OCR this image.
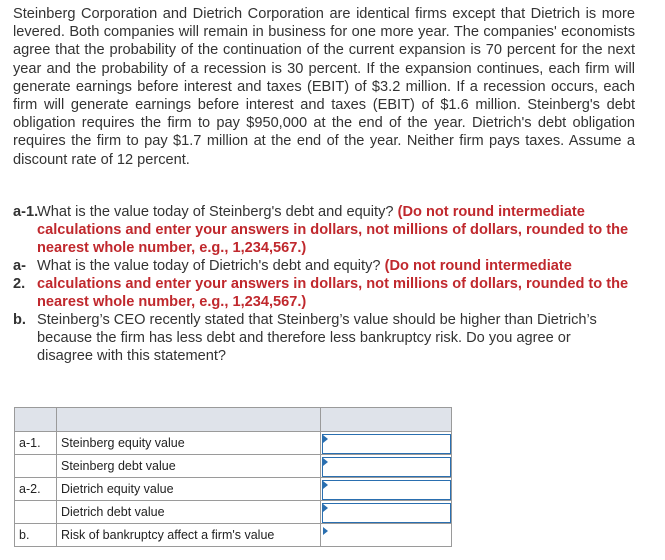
Steinberg Corporation and Dietrich Corporation are identical firms except that Dietrich is more levered. Both companies will remain in business for one more year. The companies' economists agree that the probability of the continuation of the current expansion is 70 percent for the next year and the probability of a recession is 30 percent. If the expansion continues, each firm will generate earnings before interest and taxes (EBIT) of $3.2 million. If a recession occurs, each firm will generate earnings before interest and taxes (EBIT) of $1.6 million. Steinberg's debt obligation requires the firm to pay $950,000 at the end of the year. Dietrich's debt obligation requires the firm to pay $1.7 million at the end of the year. Neither firm pays taxes. Assume a discount rate of 12 percent.
a-1.
What is the value today of Steinberg's debt and equity? (Do not round intermediate calculations and enter your answers in dollars, not millions of dollars, rounded to the nearest whole number, e.g., 1,234,567.)
a-
2.
What is the value today of Dietrich's debt and equity? (Do not round intermediate calculations and enter your answers in dollars, not millions of dollars, rounded to the nearest whole number, e.g., 1,234,567.)
b. Steinberg’s CEO recently stated that Steinberg’s value should be higher than Dietrich’s because the firm has less debt and therefore less bankruptcy risk. Do you agree or disagree with this statement?

a-1.	Steinberg equity value	

	Steinberg debt value	

a-2.	Dietrich equity value	

	Dietrich debt value	

b.	Risk of bankruptcy affect a firm's value	
